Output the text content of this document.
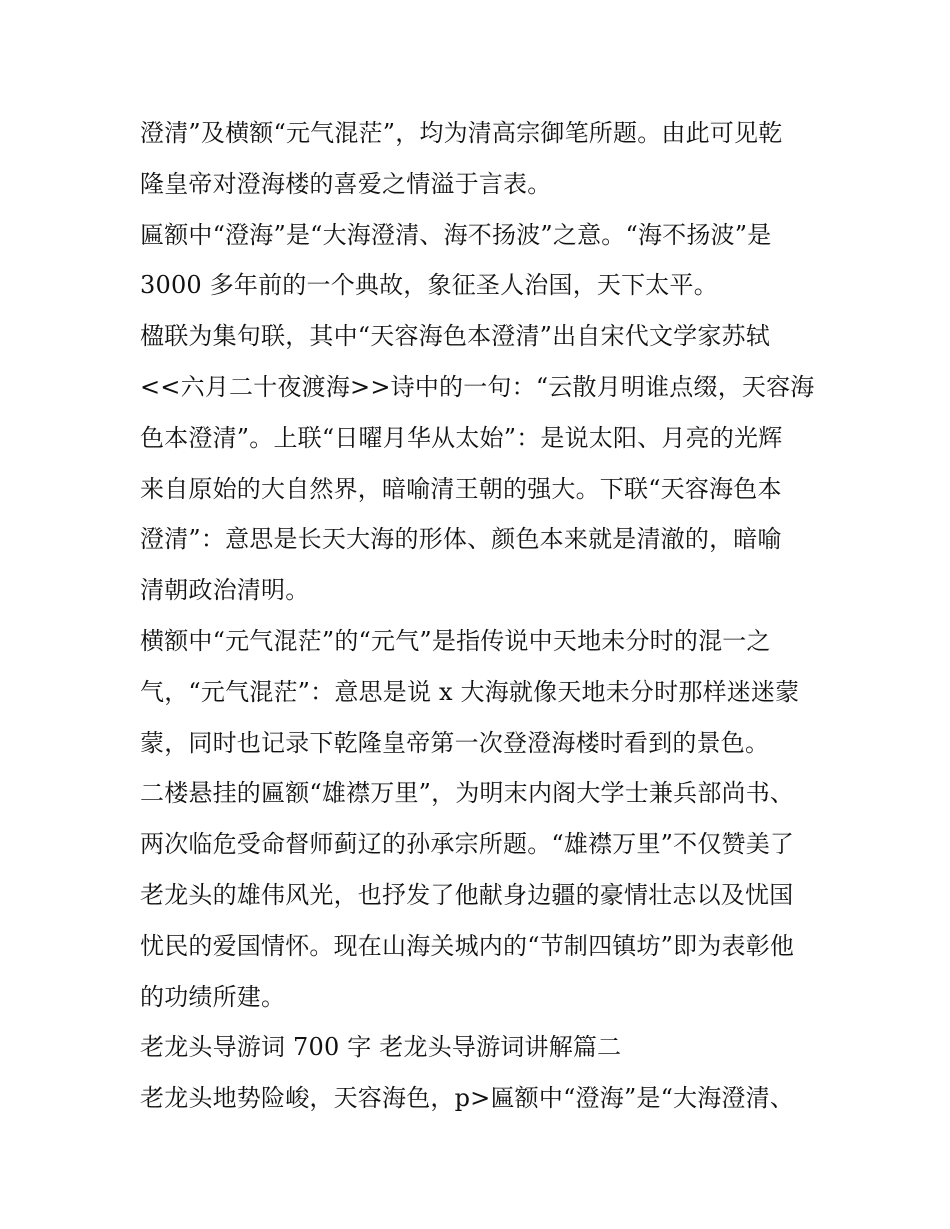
澄清”及横额“元气混茫”，均为清高宗御笔所题。由此可见乾
隆皇帝对澄海楼的喜爱之情溢于言表。
匾额中“澄海”是“大海澄清、海不扬波”之意。“海不扬波”是
3000 多年前的一个典故，象征圣人治国，天下太平。
楹联为集句联，其中“天容海色本澄清”出自宋代文学家苏轼
<<六月二十夜渡海>>诗中的一句：“云散月明谁点缀，天容海
色本澄清”。上联“日曜月华从太始”：是说太阳、月亮的光辉
来自原始的大自然界，暗喻清王朝的强大。下联“天容海色本
澄清”：意思是长天大海的形体、颜色本来就是清澈的，暗喻
清朝政治清明。
横额中“元气混茫”的“元气”是指传说中天地未分时的混一之
气，“元气混茫”：意思是说 x 大海就像天地未分时那样迷迷蒙
蒙，同时也记录下乾隆皇帝第一次登澄海楼时看到的景色。
二楼悬挂的匾额“雄襟万里”，为明末内阁大学士兼兵部尚书、
两次临危受命督师蓟辽的孙承宗所题。“雄襟万里”不仅赞美了
老龙头的雄伟风光，也抒发了他献身边疆的豪情壮志以及忧国
忧民的爱国情怀。现在山海关城内的“节制四镇坊”即为表彰他
的功绩所建。
老龙头导游词 700 字 老龙头导游词讲解篇二
老龙头地势险峻，天容海色，p>匾额中“澄海”是“大海澄清、
